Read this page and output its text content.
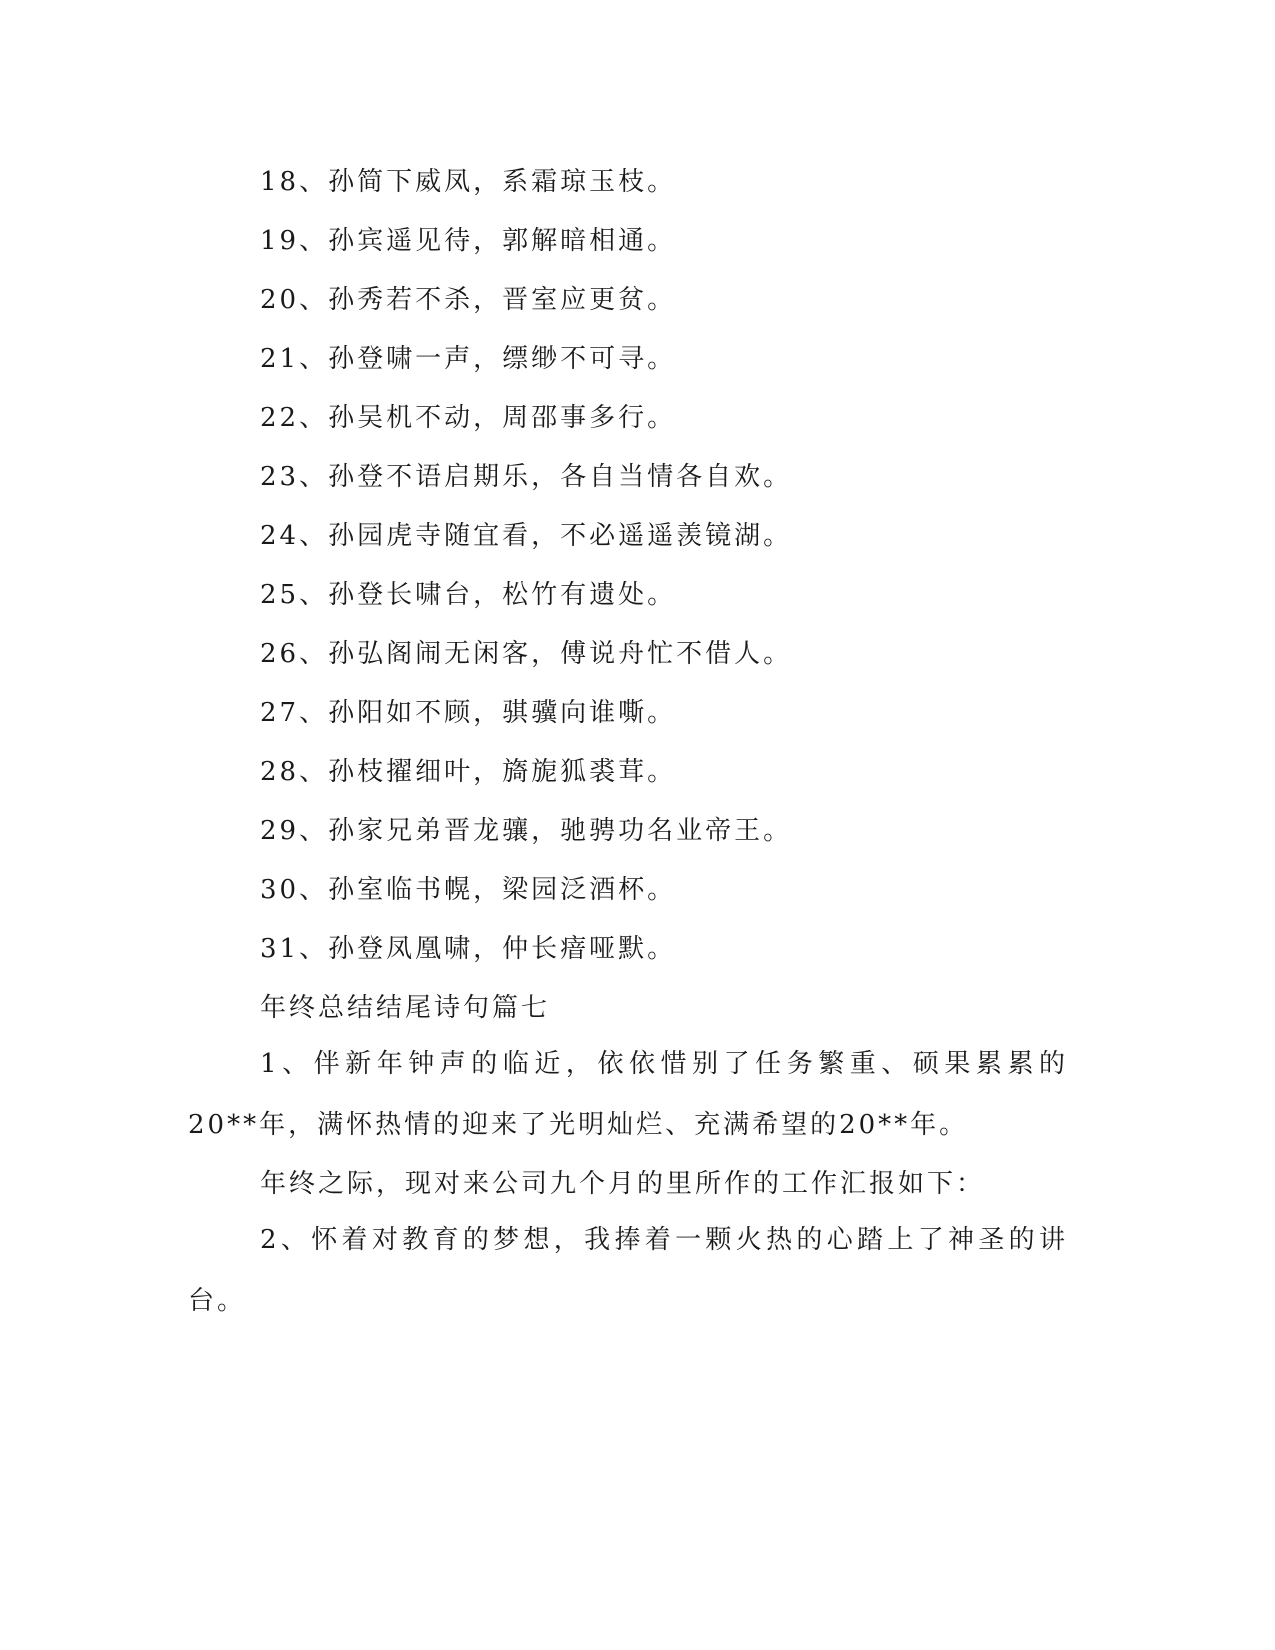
18、孙简下威凤，系霜琼玉枝。
19、孙宾遥见待，郭解暗相通。
20、孙秀若不杀，晋室应更贫。
21、孙登啸一声，缥缈不可寻。
22、孙吴机不动，周邵事多行。
23、孙登不语启期乐，各自当情各自欢。
24、孙园虎寺随宜看，不必遥遥羡镜湖。
25、孙登长啸台，松竹有遗处。
26、孙弘阁闹无闲客，傅说舟忙不借人。
27、孙阳如不顾，骐骥向谁嘶。
28、孙枝擢细叶，旖旎狐裘茸。
29、孙家兄弟晋龙骧，驰骋功名业帝王。
30、孙室临书幌，梁园泛酒杯。
31、孙登凤凰啸，仲长瘖哑默。
年终总结结尾诗句篇七
1、伴新年钟声的临近，依依惜别了任务繁重、硕果累累的20**年，满怀热情的迎来了光明灿烂、充满希望的20**年。
年终之际，现对来公司九个月的里所作的工作汇报如下：
2、怀着对教育的梦想，我捧着一颗火热的心踏上了神圣的讲台。
